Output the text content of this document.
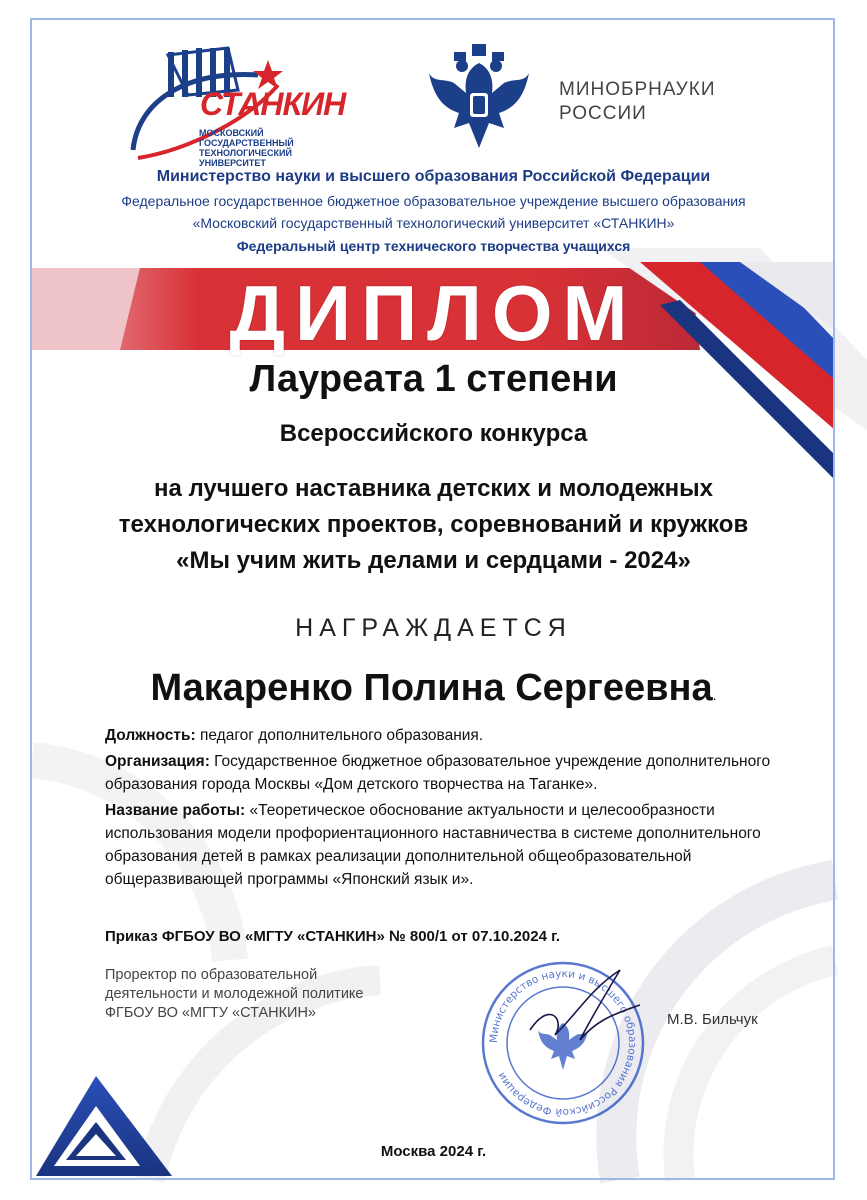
СТАНКИН
МОСКОВСКИЙ ГОСУДАРСТВЕННЫЙ ТЕХНОЛОГИЧЕСКИЙ УНИВЕРСИТЕТ
МИНОБРНАУКИ
РОССИИ
Министерство науки и высшего образования Российской Федерации
Федеральное государственное бюджетное образовательное учреждение высшего образования
«Московский государственный технологический университет «СТАНКИН»
Федеральный центр технического творчества учащихся
ДИПЛОМ
Лауреата 1 степени
Всероссийского конкурса
на лучшего наставника детских и молодежных
технологических проектов, соревнований и кружков
«Мы учим жить делами и сердцами - 2024»
НАГРАЖДАЕТСЯ
Макаренко Полина Сергеевна.

Должность: педагог дополнительного образования.

Организация: Государственное бюджетное образовательное учреждение дополнительного образования города Москвы «Дом детского творчества на Таганке».

Название работы: «Теоретическое обоснование актуальности и целесообразности использования модели профориентационного наставничества в системе дополнительного образования детей в рамках реализации дополнительной общеобразовательной общеразвивающей программы «Японский язык и».

Приказ ФГБОУ ВО «МГТУ «СТАНКИН» № 800/1 от 07.10.2024 г.
Проректор по образовательной
деятельности и молодежной политике
ФГБОУ ВО «МГТУ «СТАНКИН»
Министерство науки и высшего образования Российской Федерации
М.В. Бильчук
Москва 2024 г.
